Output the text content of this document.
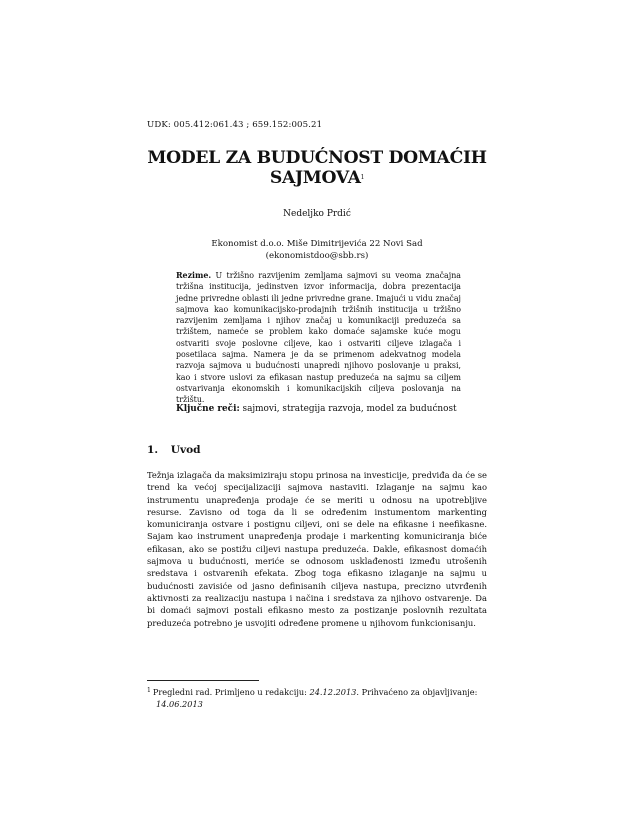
UDK: 005.412:061.43 ; 659.152:005.21
MODEL ZA BUDUĆNOST DOMAĆIH
SAJMOVA$^1$
Nedeljko Prdić
Ekonomist d.o.o. Miše Dimitrijevića 22 Novi Sad
(ekonomistdoo@sbb.rs)
Rezime. U tržišno razvijenim zemljama sajmovi su veoma značajna tržišna institucija, jedinstven izvor informacija, dobra prezentacija jedne privredne oblasti ili jedne privredne grane. Imajući u vidu značaj sajmova kao komunikacijsko-prodajnih tržišnih institucija u tržišno razvijenim zemljama i njihov značaj u komunikaciji preduzeća sa tržištem, nameće se problem kako domaće sajamske kuće mogu ostvariti svoje poslovne ciljeve, kao i ostvariti ciljeve izlagača i posetilaca sajma. Namera je da se primenom adekvatnog modela razvoja sajmova u budućnosti unapredi njihovo poslovanje u praksi, kao i stvore uslovi za efikasan nastup preduzeća na sajmu sa ciljem ostvarivanja ekonomskih i komunikacijskih ciljeva poslovanja na tržištu.
Ključne reči: sajmovi, strategija razvoja, model za budućnost
1. Uvod
Težnja izlagača da maksimiziraju stopu prinosa na investicije, predviđa da će se trend ka većoj specijalizaciji sajmova nastaviti. Izlaganje na sajmu kao instrumentu unapređenja prodaje će se meriti u odnosu na upotrebljive resurse. Zavisno od toga da li se određenim instumentom markenting komuniciranja ostvare i postignu ciljevi, oni se dele na efikasne i neefikasne. Sajam kao instrument unapređenja prodaje i markenting komuniciranja biće efikasan, ako se postižu ciljevi nastupa preduzeća. Dakle, efikasnost domaćih sajmova u budućnosti, meriće se odnosom usklađenosti između utrošenih sredstava i ostvarenih efekata. Zbog toga efikasno izlaganje na sajmu u budućnosti zavisiće od jasno definisanih ciljeva nastupa, precizno utvrđenih aktivnosti za realizaciju nastupa i načina i sredstava za njihovo ostvarenje. Da bi domaći sajmovi postali efikasno mesto za postizanje poslovnih rezultata preduzeća potrebno je usvojiti određene promene u njihovom funkcionisanju.
$^1$ Pregledni rad. Primljeno u redakciju: 24.12.2013. Prihvaćeno za objavljivanje:
14.06.2013
